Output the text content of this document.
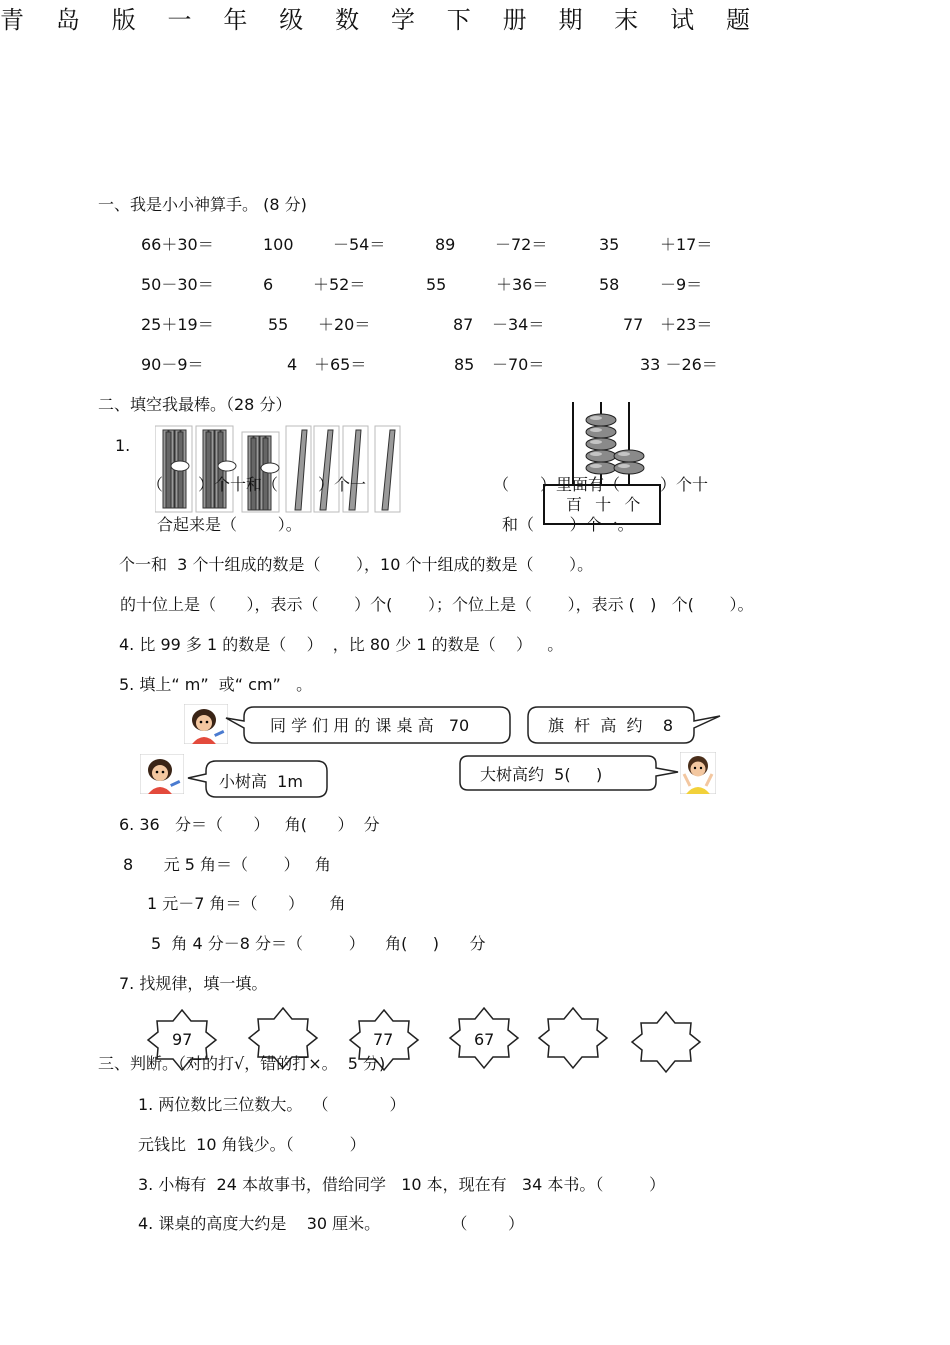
青 岛 版 一 年 级 数 学 下 册 期 末 试 题
一、我是小小神算手。 (8 分)
66＋30＝	100 －54＝	89 －72＝	35	＋17＝
50－30＝	6 ＋52＝	55	＋36＝	58	－9＝
25＋19＝	55 ＋20＝	87 －34＝	77 ＋23＝
90－9＝	4 ＋65＝	85 －70＝	33 －26＝
二、填空我最棒。（28 分）
1.
（ ）个十和（ ）个一
合起来是（        ）。
百  十  个
（ ）里面有（ ）个十
和（       ）个一。
个一和  3 个十组成的数是（       ），10 个十组成的数是（       ）。
的十位上是（      ），表示（       ）个(       ）；个位上是（       ），表示 (   )   个(       ）。
4. 比 99 多 1 的数是（    ）  ，比 80 少 1 的数是（    ）   。
5. 填上“ m”  或“ cm”   。
同 学 们 用 的 课 桌 高   70	旗  杆  高  约    8
小树高  1m	大树高约  5(     )
6. 36   分＝（      ）   角(      ）  分
8      元 5 角＝（       ）   角
1 元－7 角＝（      ）     角
5  角 4 分－8 分＝（         ）    角(     )      分
7. 找规律，填一填。
97	77	67
三、判断。（对的打√，错的打×。  5 分)
1. 两位数比三位数大。  （            ）
元钱比  10 角钱少。（           ）
3. 小梅有  24 本故事书，借给同学   10 本，现在有   34 本书。（         ）
4. 课桌的高度大约是    30 厘米。              （        ）
